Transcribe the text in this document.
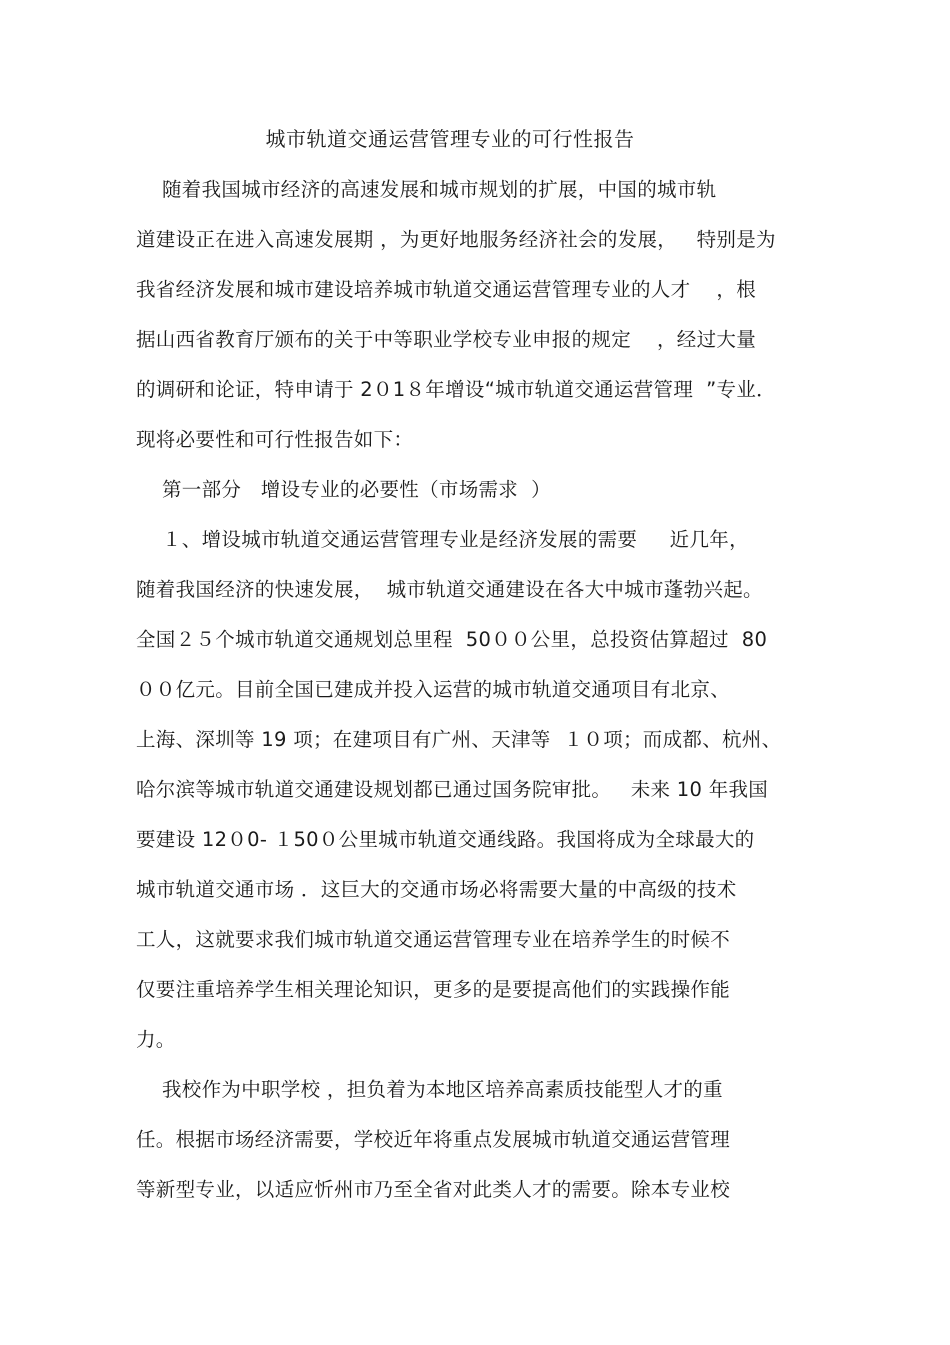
城市轨道交通运营管理专业的可行性报告
随着我国城市经济的高速发展和城市规划的扩展，中国的城市轨
道建设正在进入高速发展期 ，为更好地服务经济社会的发展，   特别是为
我省经济发展和城市建设培养城市轨道交通运营管理专业的人才    ，根
据山西省教育厅颁布的关于中等职业学校专业申报的规定    ，经过大量
的调研和论证，特申请于 2０1８年增设“城市轨道交通运营管理  ”专业．
现将必要性和可行性报告如下：
第一部分   增设专业的必要性（市场需求  ）
１、增设城市轨道交通运营管理专业是经济发展的需要     近几年，
随着我国经济的快速发展，  城市轨道交通建设在各大中城市蓬勃兴起。
全国２５个城市轨道交通规划总里程  50００公里，总投资估算超过  80
００亿元。目前全国已建成并投入运营的城市轨道交通项目有北京、
上海、深圳等 19 项；在建项目有广州、天津等  １０项；而成都、杭州、
哈尔滨等城市轨道交通建设规划都已通过国务院审批。   未来 10 年我国
要建设 12０0- １50０公里城市轨道交通线路。我国将成为全球最大的
城市轨道交通市场 ．这巨大的交通市场必将需要大量的中高级的技术
工人，这就要求我们城市轨道交通运营管理专业在培养学生的时候不
仅要注重培养学生相关理论知识，更多的是要提高他们的实践操作能
力。
我校作为中职学校 ，担负着为本地区培养高素质技能型人才的重
任。根据市场经济需要，学校近年将重点发展城市轨道交通运营管理
等新型专业，以适应忻州市乃至全省对此类人才的需要。除本专业校
